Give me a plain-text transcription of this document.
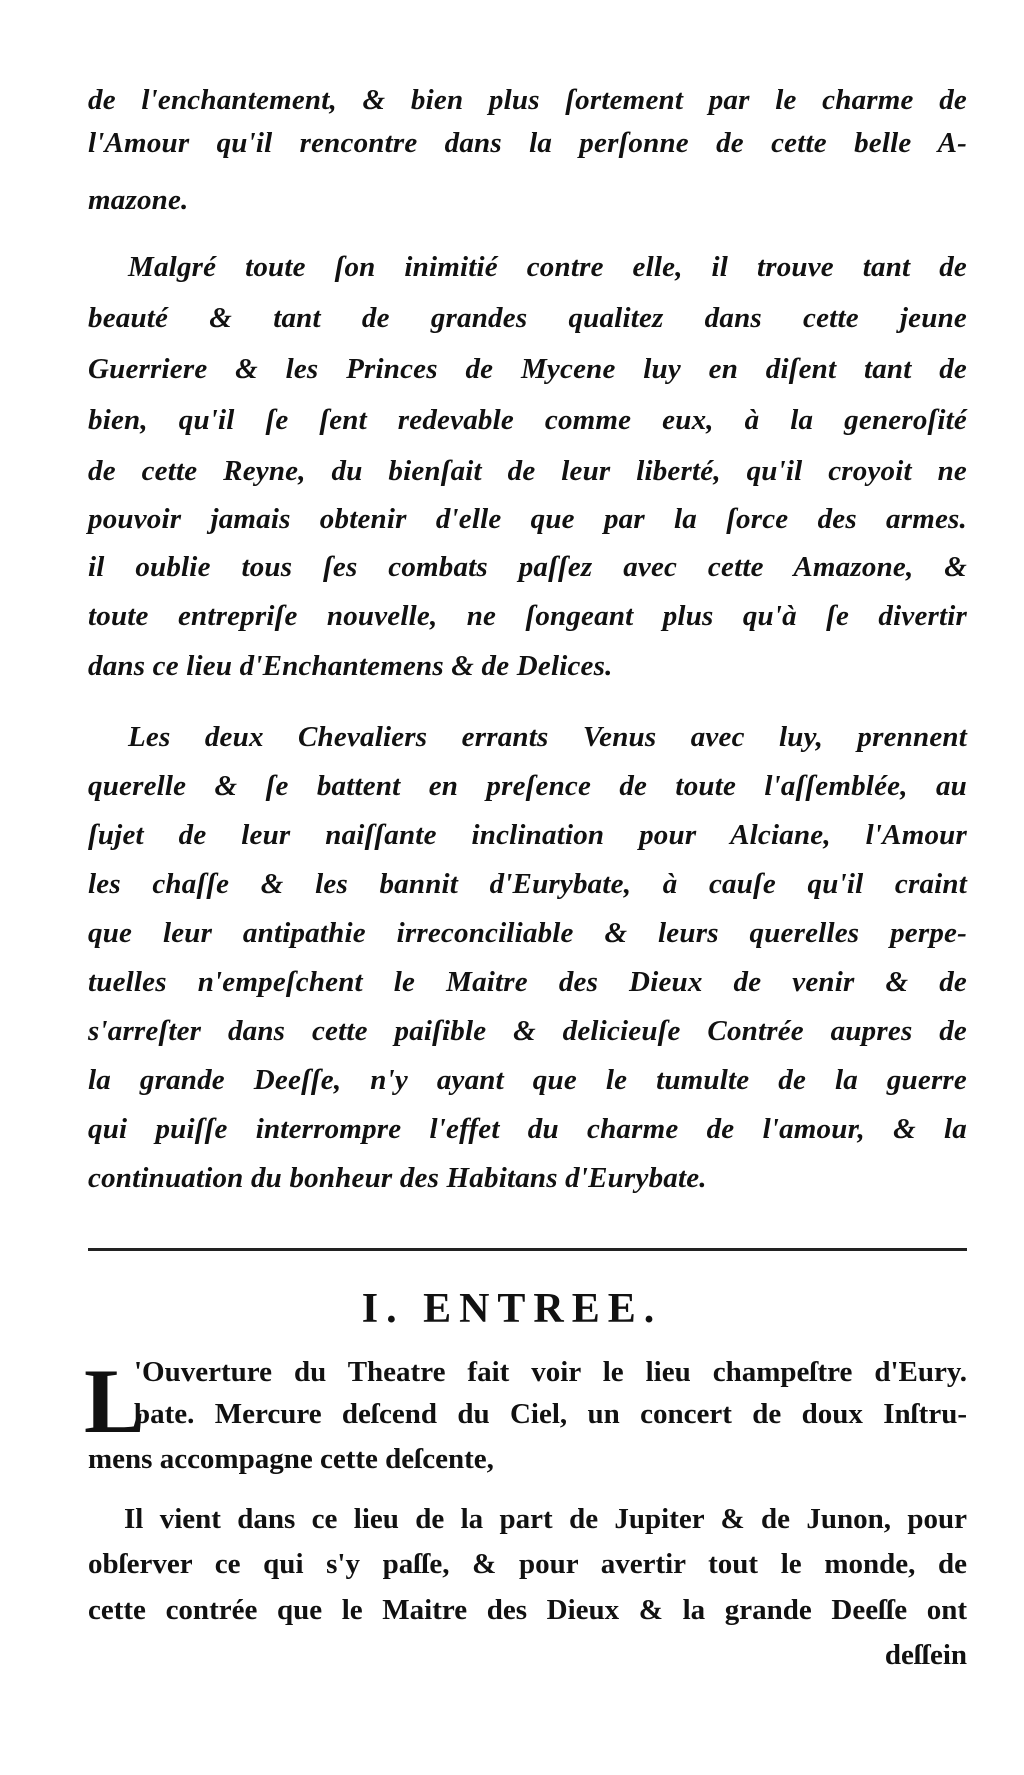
de l'enchantement, & bien plus ſortement par le charme de
l'Amour qu'il rencontre dans la perſonne de cette belle A-
mazone.
Malgré toute ſon inimitié contre elle, il trouve tant de
beauté & tant de grandes qualitez dans cette jeune
Guerriere & les Princes de Mycene luy en diſent tant de
bien, qu'il ſe ſent redevable comme eux, à la generoſité
de cette Reyne, du bienſait de leur liberté, qu'il croyoit ne
pouvoir jamais obtenir d'elle que par la ſorce des armes.
il oublie tous ſes combats paſſez avec cette Amazone, &
toute entrepriſe nouvelle, ne ſongeant plus qu'à ſe divertir
dans ce lieu d'Enchantemens & de Delices.
Les deux Chevaliers errants Venus avec luy, prennent
querelle & ſe battent en preſence de toute l'aſſemblée, au
ſujet de leur naiſſante inclination pour Alciane, l'Amour
les chaſſe & les bannit d'Eurybate, à cauſe qu'il craint
que leur antipathie irreconciliable & leurs querelles perpe-
tuelles n'empeſchent le Maitre des Dieux de venir & de
s'arreſter dans cette paiſible & delicieuſe Contrée aupres de
la grande Deeſſe, n'y ayant que le tumulte de la guerre
qui puiſſe interrompre l'effet du charme de l'amour, & la
continuation du bonheur des Habitans d'Eurybate.
'Ouverture du Theatre fait voir le lieu champeſtre d'Eury.
bate. Mercure deſcend du Ciel, un concert de doux Inſtru-
mens accompagne cette deſcente,
Il vient dans ce lieu de la part de Jupiter & de Junon, pour
obſerver ce qui s'y paſſe, & pour avertir tout le monde, de
cette contrée que le Maitre des Dieux & la grande Deeſſe ont
deſſein
I. ENTREE.
L
